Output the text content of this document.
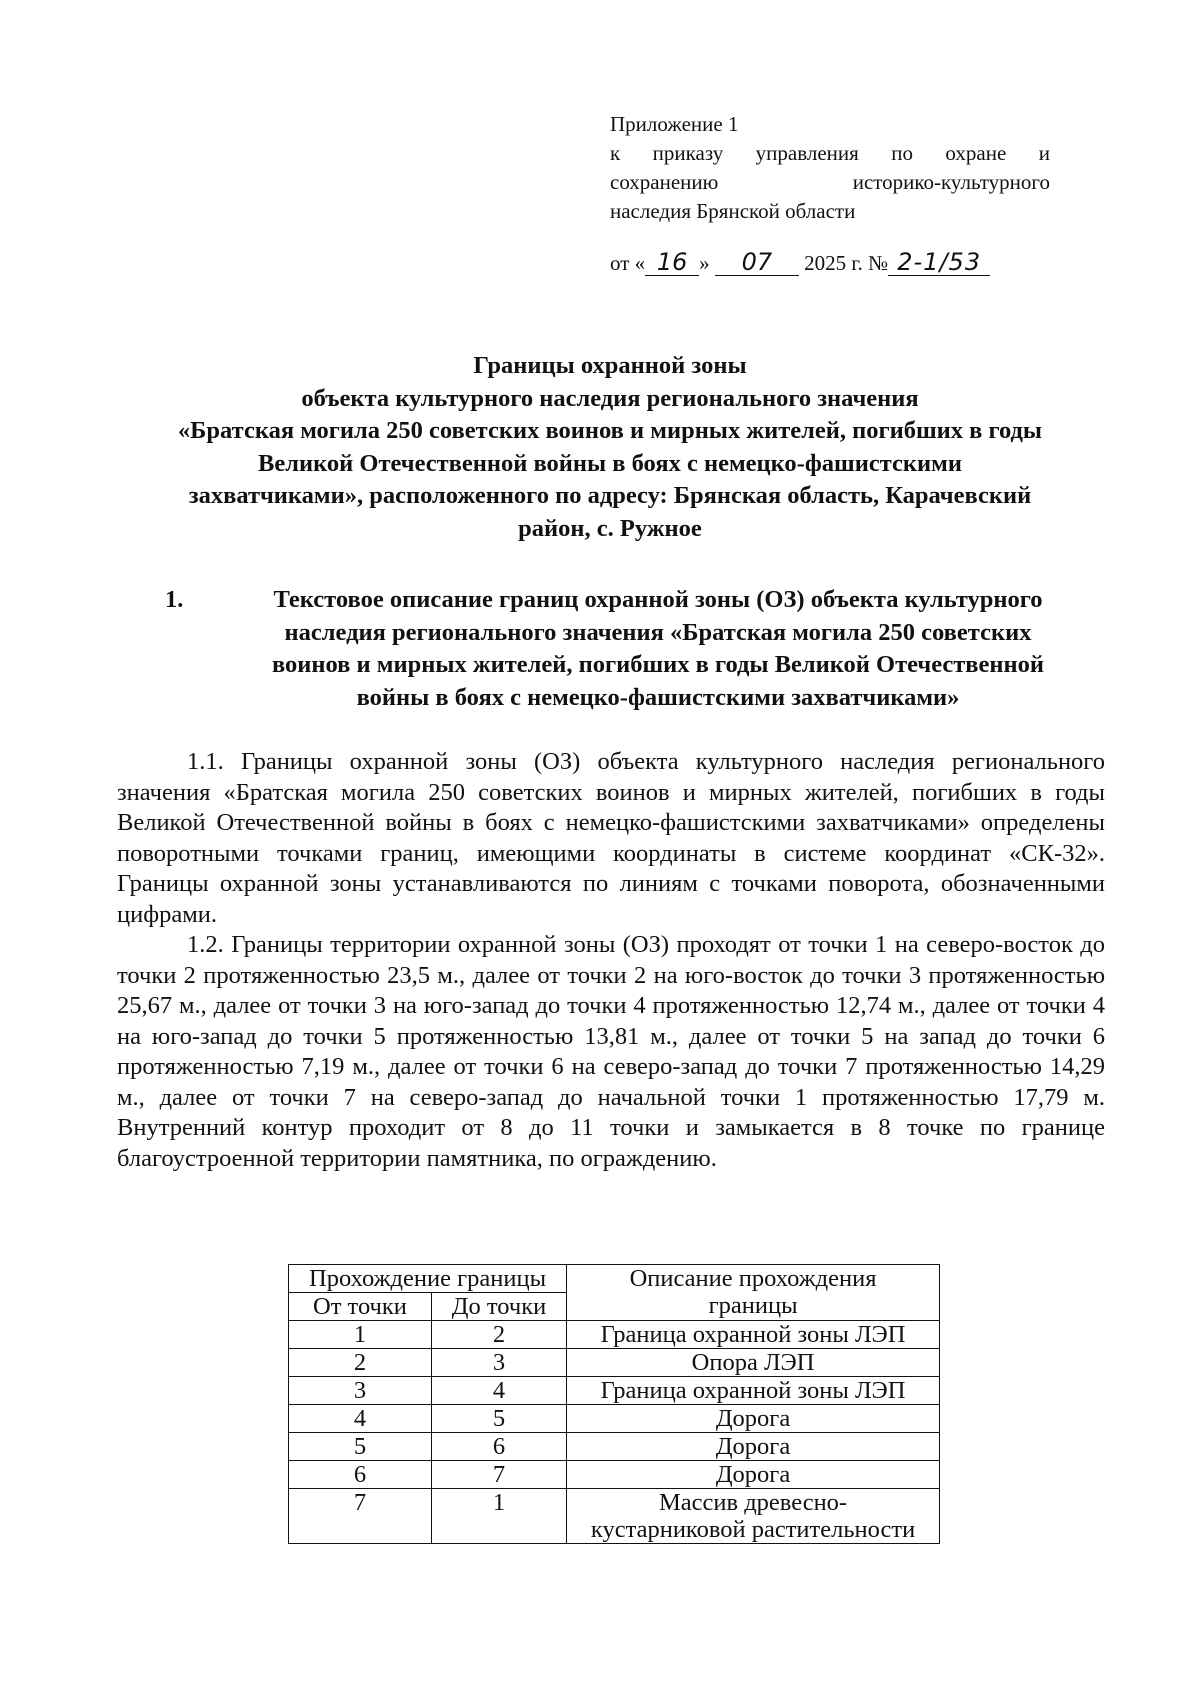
Приложение 1
к приказу управления по охране и
сохранению историко-культурного
наследия Брянской области
от « 16 » 07 2025 г. № 2-1/53
Границы охранной зоны
объекта культурного наследия регионального значения
«Братская могила 250 советских воинов и мирных жителей, погибших в годы
Великой Отечественной войны в боях с немецко-фашистскими
захватчиками», расположенного по адресу: Брянская область, Карачевский
район, с. Ружное
1.	Текстовое описание границ охранной зоны (ОЗ) объекта культурного
наследия регионального значения «Братская могила 250 советских
воинов и мирных жителей, погибших в годы Великой Отечественной
войны в боях с немецко-фашистскими захватчиками»

1.1. Границы охранной зоны (ОЗ) объекта культурного наследия регионального значения «Братская могила 250 советских воинов и мирных жителей, погибших в годы Великой Отечественной войны в боях с немецко-фашистскими захватчиками» определены поворотными точками границ, имеющими координаты в системе координат «СК-32». Границы охранной зоны устанавливаются по линиям с точками поворота, обозначенными цифрами.

1.2. Границы территории охранной зоны (ОЗ) проходят от точки 1 на северо-восток до точки 2 протяженностью 23,5 м., далее от точки 2 на юго-восток до точки 3 протяженностью 25,67 м., далее от точки 3 на юго-запад до точки 4 протяженностью 12,74 м., далее от точки 4 на юго-запад до точки 5 протяженностью 13,81 м., далее от точки 5 на запад до точки 6 протяженностью 7,19 м., далее от точки 6 на северо-запад до точки 7 протяженностью 14,29 м., далее от точки 7 на северо-запад до начальной точки 1 протяженностью 17,79 м. Внутренний контур проходит от 8 до 11 точки и замыкается в 8 точке по границе благоустроенной территории памятника, по ограждению.

Прохождение границы		Описание прохождения
границы

От точки	До точки	
1	2	Граница охранной зоны ЛЭП
2	3	Опора ЛЭП
3	4	Граница охранной зоны ЛЭП
4	5	Дорога
5	6	Дорога
6	7	Дорога
7	1	Массив древесно-
кустарниковой растительности
